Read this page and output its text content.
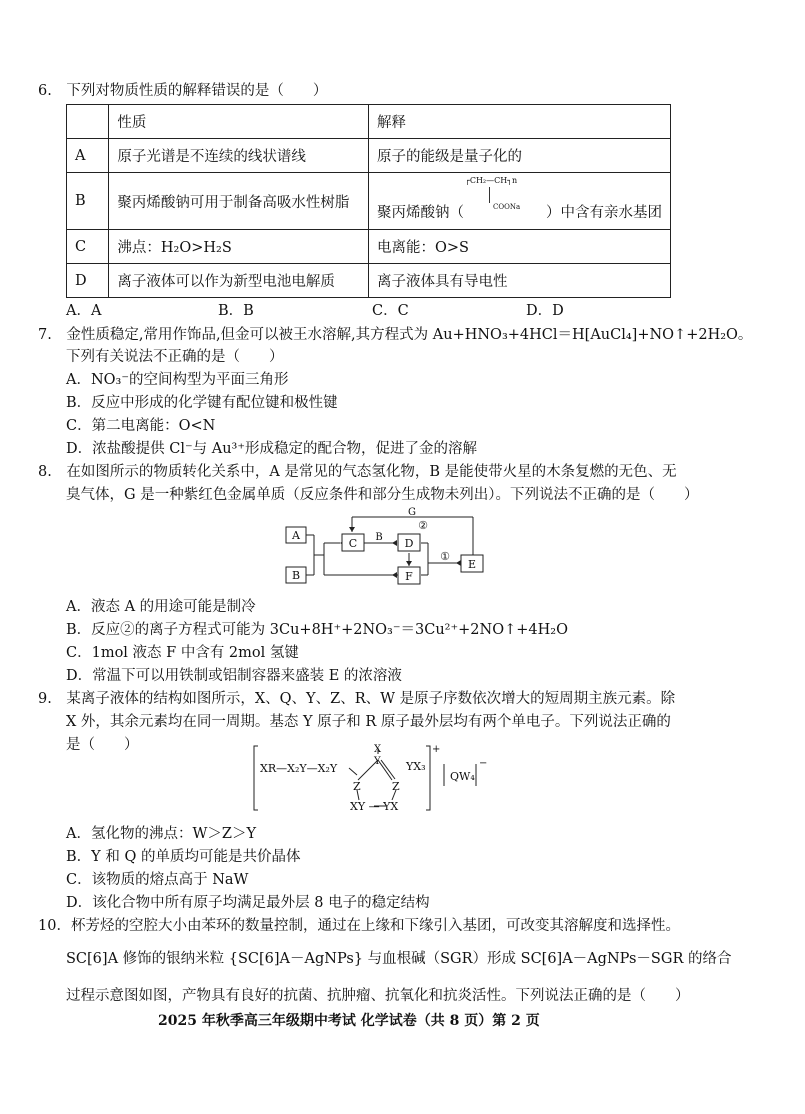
6.　下列对物质性质的解释错误的是（　　）
	性质	解释
A	原子光谱是不连续的线状谱线	原子的能级是量子化的
B	聚丙烯酸钠可用于制备高吸水性树脂	┌CH₂—CH┐n
COONa
聚丙烯酸钠（ ）中含有亲水基团

C	沸点：H₂O>H₂S	电离能：O>S
D	离子液体可以作为新型电池电解质	离子液体具有导电性
A．A	B．B	C．C	D．D
7.　金性质稳定,常用作饰品,但金可以被王水溶解,其方程式为 Au+HNO₃+4HCl＝H[AuCl₄]+NO↑+2H₂O。
下列有关说法不正确的是（　　）
A．NO₃⁻的空间构型为平面三角形
B．反应中形成的化学键有配位键和极性键
C．第二电离能：O<N
D．浓盐酸提供 Cl⁻与 Au³⁺形成稳定的配合物，促进了金的溶解
8.　在如图所示的物质转化关系中，A 是常见的气态氢化物，B 是能使带火星的木条复燃的无色、无
臭气体，G 是一种紫红色金属单质（反应条件和部分生成物未列出）。下列说法不正确的是（　　）
A
B
C	D
F
E
G
②
B
①
A．液态 A 的用途可能是制冷
B．反应②的离子方程式可能为 3Cu+8H⁺+2NO₃⁻＝3Cu²⁺+2NO↑+4H₂O
C．1mol 液态 F 中含有 2mol 氢键
D．常温下可以用铁制或铝制容器来盛装 E 的浓溶液
9.　某离子液体的结构如图所示，X、Q、Y、Z、R、W 是原子序数依次增大的短周期主族元素。除
X 外，其余元素均在同一周期。基态 Y 原子和 R 原子最外层均有两个单电子。下列说法正确的
是（　　）
XR—X₂Y—X₂Y
X
Y YX₃
Z	Z
XY — YX
+
QW₄
−
A．氢化物的沸点：W＞Z＞Y
B．Y 和 Q 的单质均可能是共价晶体
C．该物质的熔点高于 NaW
D．该化合物中所有原子均满足最外层 8 电子的稳定结构
10．杯芳烃的空腔大小由苯环的数量控制，通过在上缘和下缘引入基团，可改变其溶解度和选择性。
SC[6]A 修饰的银纳米粒 {SC[6]A－AgNPs} 与血根碱（SGR）形成 SC[6]A－AgNPs－SGR 的络合
过程示意图如图，产物具有良好的抗菌、抗肿瘤、抗氧化和抗炎活性。下列说法正确的是（　　）
2025 年秋季高三年级期中考试 化学试卷（共 8 页）第 2 页
